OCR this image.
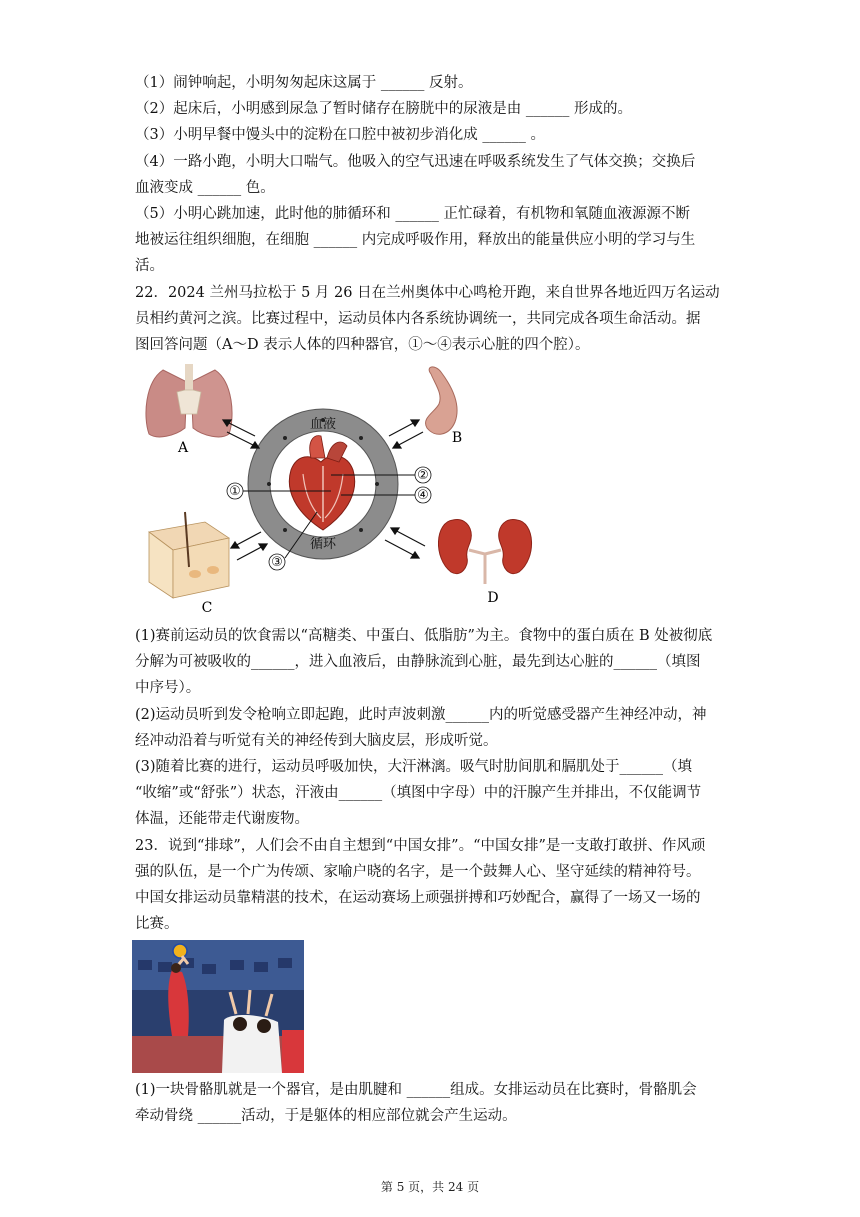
（1）闹钟响起，小明匆匆起床这属于 ______ 反射。
（2）起床后，小明感到尿急了暂时储存在膀胱中的尿液是由 ______ 形成的。
（3）小明早餐中馒头中的淀粉在口腔中被初步消化成 ______ 。
（4）一路小跑，小明大口喘气。他吸入的空气迅速在呼吸系统发生了气体交换；交换后
血液变成 ______ 色。
（5）小明心跳加速，此时他的肺循环和 ______ 正忙碌着，有机物和氧随血液源源不断
地被运往组织细胞，在细胞 ______ 内完成呼吸作用，释放出的能量供应小明的学习与生
活。
22．2024 兰州马拉松于 5 月 26 日在兰州奥体中心鸣枪开跑，来自世界各地近四万名运动
员相约黄河之滨。比赛过程中，运动员体内各系统协调统一，共同完成各项生命活动。据
图回答问题（A～D 表示人体的四种器官，①～④表示心脏的四个腔）。
A
B
C
D
血液
循环
①
②
③
④
(1)赛前运动员的饮食需以“高糖类、中蛋白、低脂肪”为主。食物中的蛋白质在 B 处被彻底
分解为可被吸收的______，进入血液后，由静脉流到心脏，最先到达心脏的______（填图
中序号）。
(2)运动员听到发令枪响立即起跑，此时声波刺激______内的听觉感受器产生神经冲动，神
经冲动沿着与听觉有关的神经传到大脑皮层，形成听觉。
(3)随着比赛的进行，运动员呼吸加快，大汗淋漓。吸气时肋间肌和膈肌处于______（填
“收缩”或“舒张”）状态，汗液由______（填图中字母）中的汗腺产生并排出，不仅能调节
体温，还能带走代谢废物。
23．说到“排球”，人们会不由自主想到“中国女排”。“中国女排”是一支敢打敢拼、作风顽
强的队伍，是一个广为传颂、家喻户晓的名字，是一个鼓舞人心、坚守延续的精神符号。
中国女排运动员靠精湛的技术，在运动赛场上顽强拼搏和巧妙配合，赢得了一场又一场的
比赛。
(1)一块骨骼肌就是一个器官，是由肌腱和 ______组成。女排运动员在比赛时，骨骼肌会
牵动骨绕 ______活动，于是躯体的相应部位就会产生运动。
第 5 页，共 24 页
